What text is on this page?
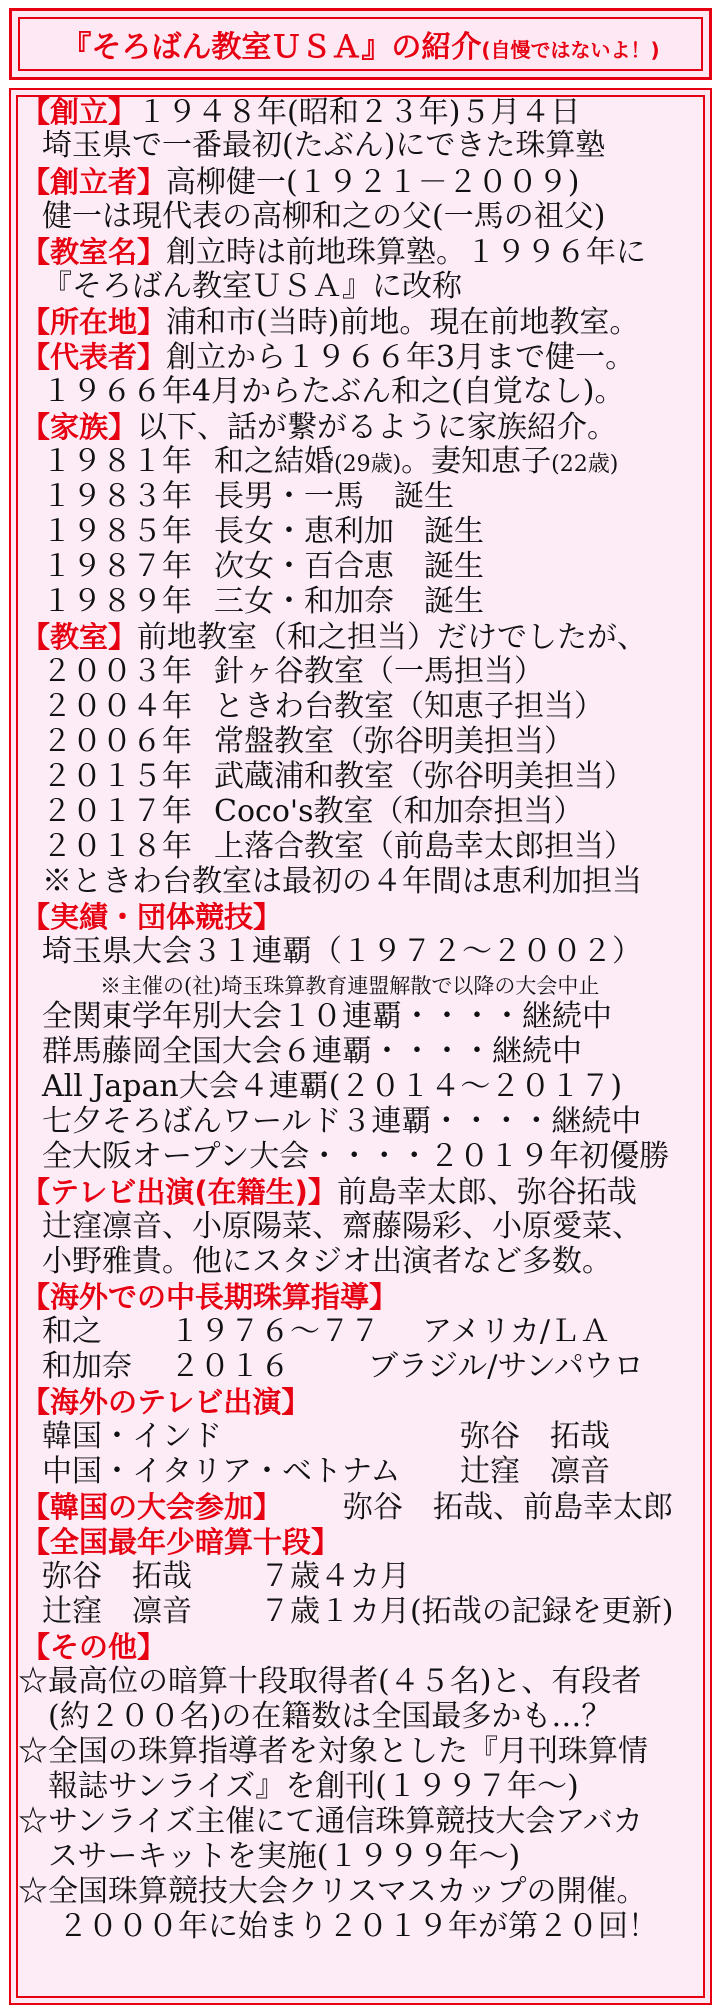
『そろばん教室ＵＳＡ』の紹介(自慢ではないよ！)
【創立】１９４８年(昭和２３年)５月４日
埼玉県で一番最初(たぶん)にできた珠算塾
【創立者】高柳健一(１９２１－２００９)
健一は現代表の高柳和之の父(一馬の祖父)
【教室名】創立時は前地珠算塾。１９９６年に
『そろばん教室ＵＳＡ』に改称
【所在地】浦和市(当時)前地。現在前地教室。
【代表者】創立から１９６６年3月まで健一。
１９６６年4月からたぶん和之(自覚なし)。
【家族】以下、話が繋がるように家族紹介。
１９８１年 和之結婚(29歳)。妻知恵子(22歳)
１９８３年 長男・一馬　誕生
１９８５年 長女・恵利加　誕生
１９８７年 次女・百合恵　誕生
１９８９年 三女・和加奈　誕生
【教室】前地教室（和之担当）だけでしたが、
２００３年 針ヶ谷教室（一馬担当）
２００４年 ときわ台教室（知恵子担当）
２００６年 常盤教室（弥谷明美担当）
２０１５年 武蔵浦和教室（弥谷明美担当）
２０１７年 Coco's教室（和加奈担当）
２０１８年 上落合教室（前島幸太郎担当）
※ときわ台教室は最初の４年間は恵利加担当
【実績・団体競技】
埼玉県大会３１連覇（１９７２～２００２）
※主催の(社)埼玉珠算教育連盟解散で以降の大会中止
全関東学年別大会１０連覇・・・・継続中
群馬藤岡全国大会６連覇・・・・継続中
All Japan大会４連覇(２０１４～２０１７)
七夕そろばんワールド３連覇・・・・継続中
全大阪オープン大会・・・・２０１９年初優勝
【テレビ出演(在籍生)】前島幸太郎、弥谷拓哉
辻窪凛音、小原陽菜、齋藤陽彩、小原愛菜、
小野雅貴。他にスタジオ出演者など多数。
【海外での中長期珠算指導】
和之 １９７６～７７ アメリカ/ＬＡ
和加奈 ２０１６	ブラジル/サンパウロ
【海外のテレビ出演】
韓国・インド	弥谷　拓哉
中国・イタリア・ベトナム 辻窪　凛音
【韓国の大会参加】 弥谷　拓哉、前島幸太郎
【全国最年少暗算十段】
弥谷　拓哉 ７歳４カ月
辻窪　凛音 ７歳１カ月(拓哉の記録を更新)
【その他】
☆最高位の暗算十段取得者(４５名)と、有段者
(約２００名)の在籍数は全国最多かも…？
☆全国の珠算指導者を対象とした『月刊珠算情
報誌サンライズ』を創刊(１９９７年～)
☆サンライズ主催にて通信珠算競技大会アバカ
スサーキットを実施(１９９９年～)
☆全国珠算競技大会クリスマスカップの開催。
２０００年に始まり２０１９年が第２０回！
